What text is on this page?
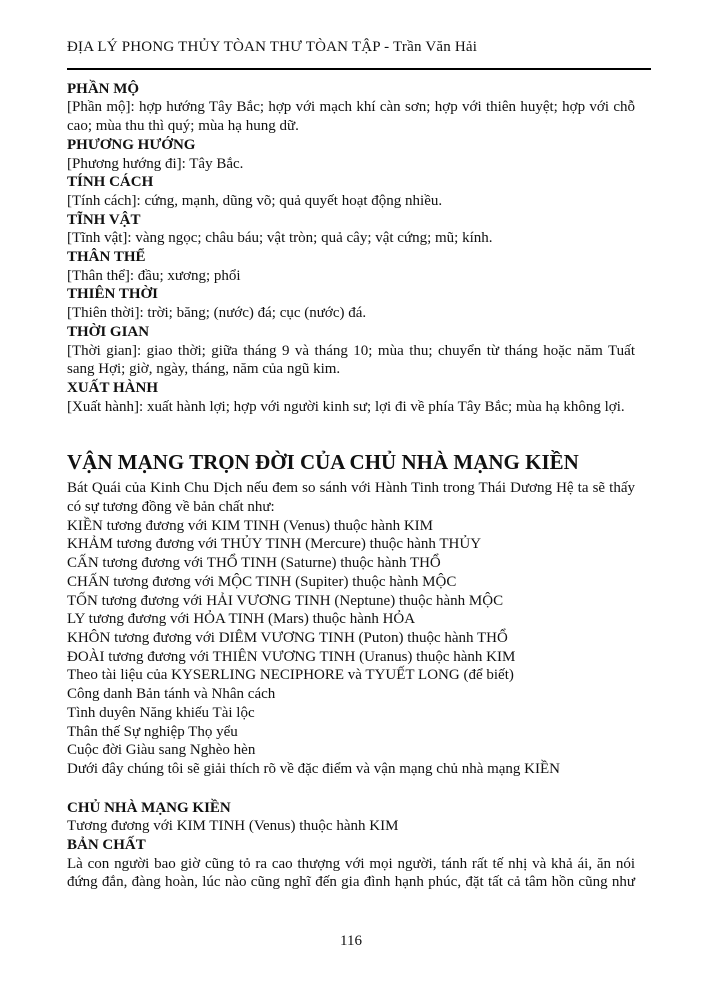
ĐỊA LÝ PHONG THỦY TÒAN THƯ TÒAN TẬP - Trần Văn Hải
PHẦN MỘ
[Phần mộ]: hợp hướng Tây Bắc; hợp với mạch khí càn sơn; hợp với thiên huyệt; hợp với chỗ cao; mùa thu thì quý; mùa hạ hung dữ.
PHƯƠNG HƯỚNG
[Phương hướng đi]: Tây Bắc.
TÍNH CÁCH
[Tính cách]: cứng, mạnh, dũng võ; quả quyết hoạt động nhiều.
TĨNH VẬT
[Tĩnh vật]: vàng ngọc; châu báu; vật tròn; quả cây; vật cứng; mũ; kính.
THÂN THỂ
[Thân thể]: đầu; xương; phổi
THIÊN THỜI
[Thiên thời]: trời; băng; (nước) đá; cục (nước) đá.
THỜI GIAN
[Thời gian]: giao thời; giữa tháng 9 và tháng 10; mùa thu; chuyển từ tháng hoặc năm Tuất sang Hợi; giờ, ngày, tháng, năm của ngũ kim.
XUẤT HÀNH
[Xuất hành]: xuất hành lợi; hợp với người kinh sư; lợi đi về phía Tây Bắc; mùa hạ không lợi.
VẬN MẠNG TRỌN ĐỜI CỦA CHỦ NHÀ MẠNG KIỀN
Bát Quái của Kinh Chu Dịch nếu đem so sánh với Hành Tinh trong Thái Dương Hệ ta sẽ thấy có sự tương đồng về bản chất như:
KIỀN tương đương với KIM TINH (Venus) thuộc hành KIM
KHẢM tương đương với THỦY TINH (Mercure) thuộc hành THỦY
CẤN tương đương với THỔ TINH (Saturne) thuộc hành THỔ
CHẤN tương đương với MỘC TINH (Supiter) thuộc hành MỘC
TỐN tương đương với HẢI VƯƠNG TINH (Neptune) thuộc hành MỘC
LY tương đương với HỎA TINH (Mars) thuộc hành HỎA
KHÔN tương đương với DIÊM VƯƠNG TINH (Puton) thuộc hành THỔ
ĐOÀI tương đương với THIÊN VƯƠNG TINH (Uranus) thuộc hành KIM
Theo tài liệu của KYSERLING NECIPHORE và TYUẾT LONG (để biết)
Công danh Bản tánh và Nhân cách
Tình duyên Năng khiếu Tài lộc
Thân thế Sự nghiệp Thọ yểu
Cuộc đời Giàu sang Nghèo hèn
Dưới đây chúng tôi sẽ giải thích rõ về đặc điểm và vận mạng chủ nhà mạng KIỀN
CHỦ NHÀ MẠNG KIỀN
Tương đương với KIM TINH (Venus) thuộc hành KIM
BẢN CHẤT
Là con người bao giờ cũng tỏ ra cao thượng với mọi người, tánh rất tế nhị và khả ái, ăn nói đứng đắn, đàng hoàn, lúc nào cũng nghĩ đến gia đình hạnh phúc, đặt tất cả tâm hồn cũng như
116
